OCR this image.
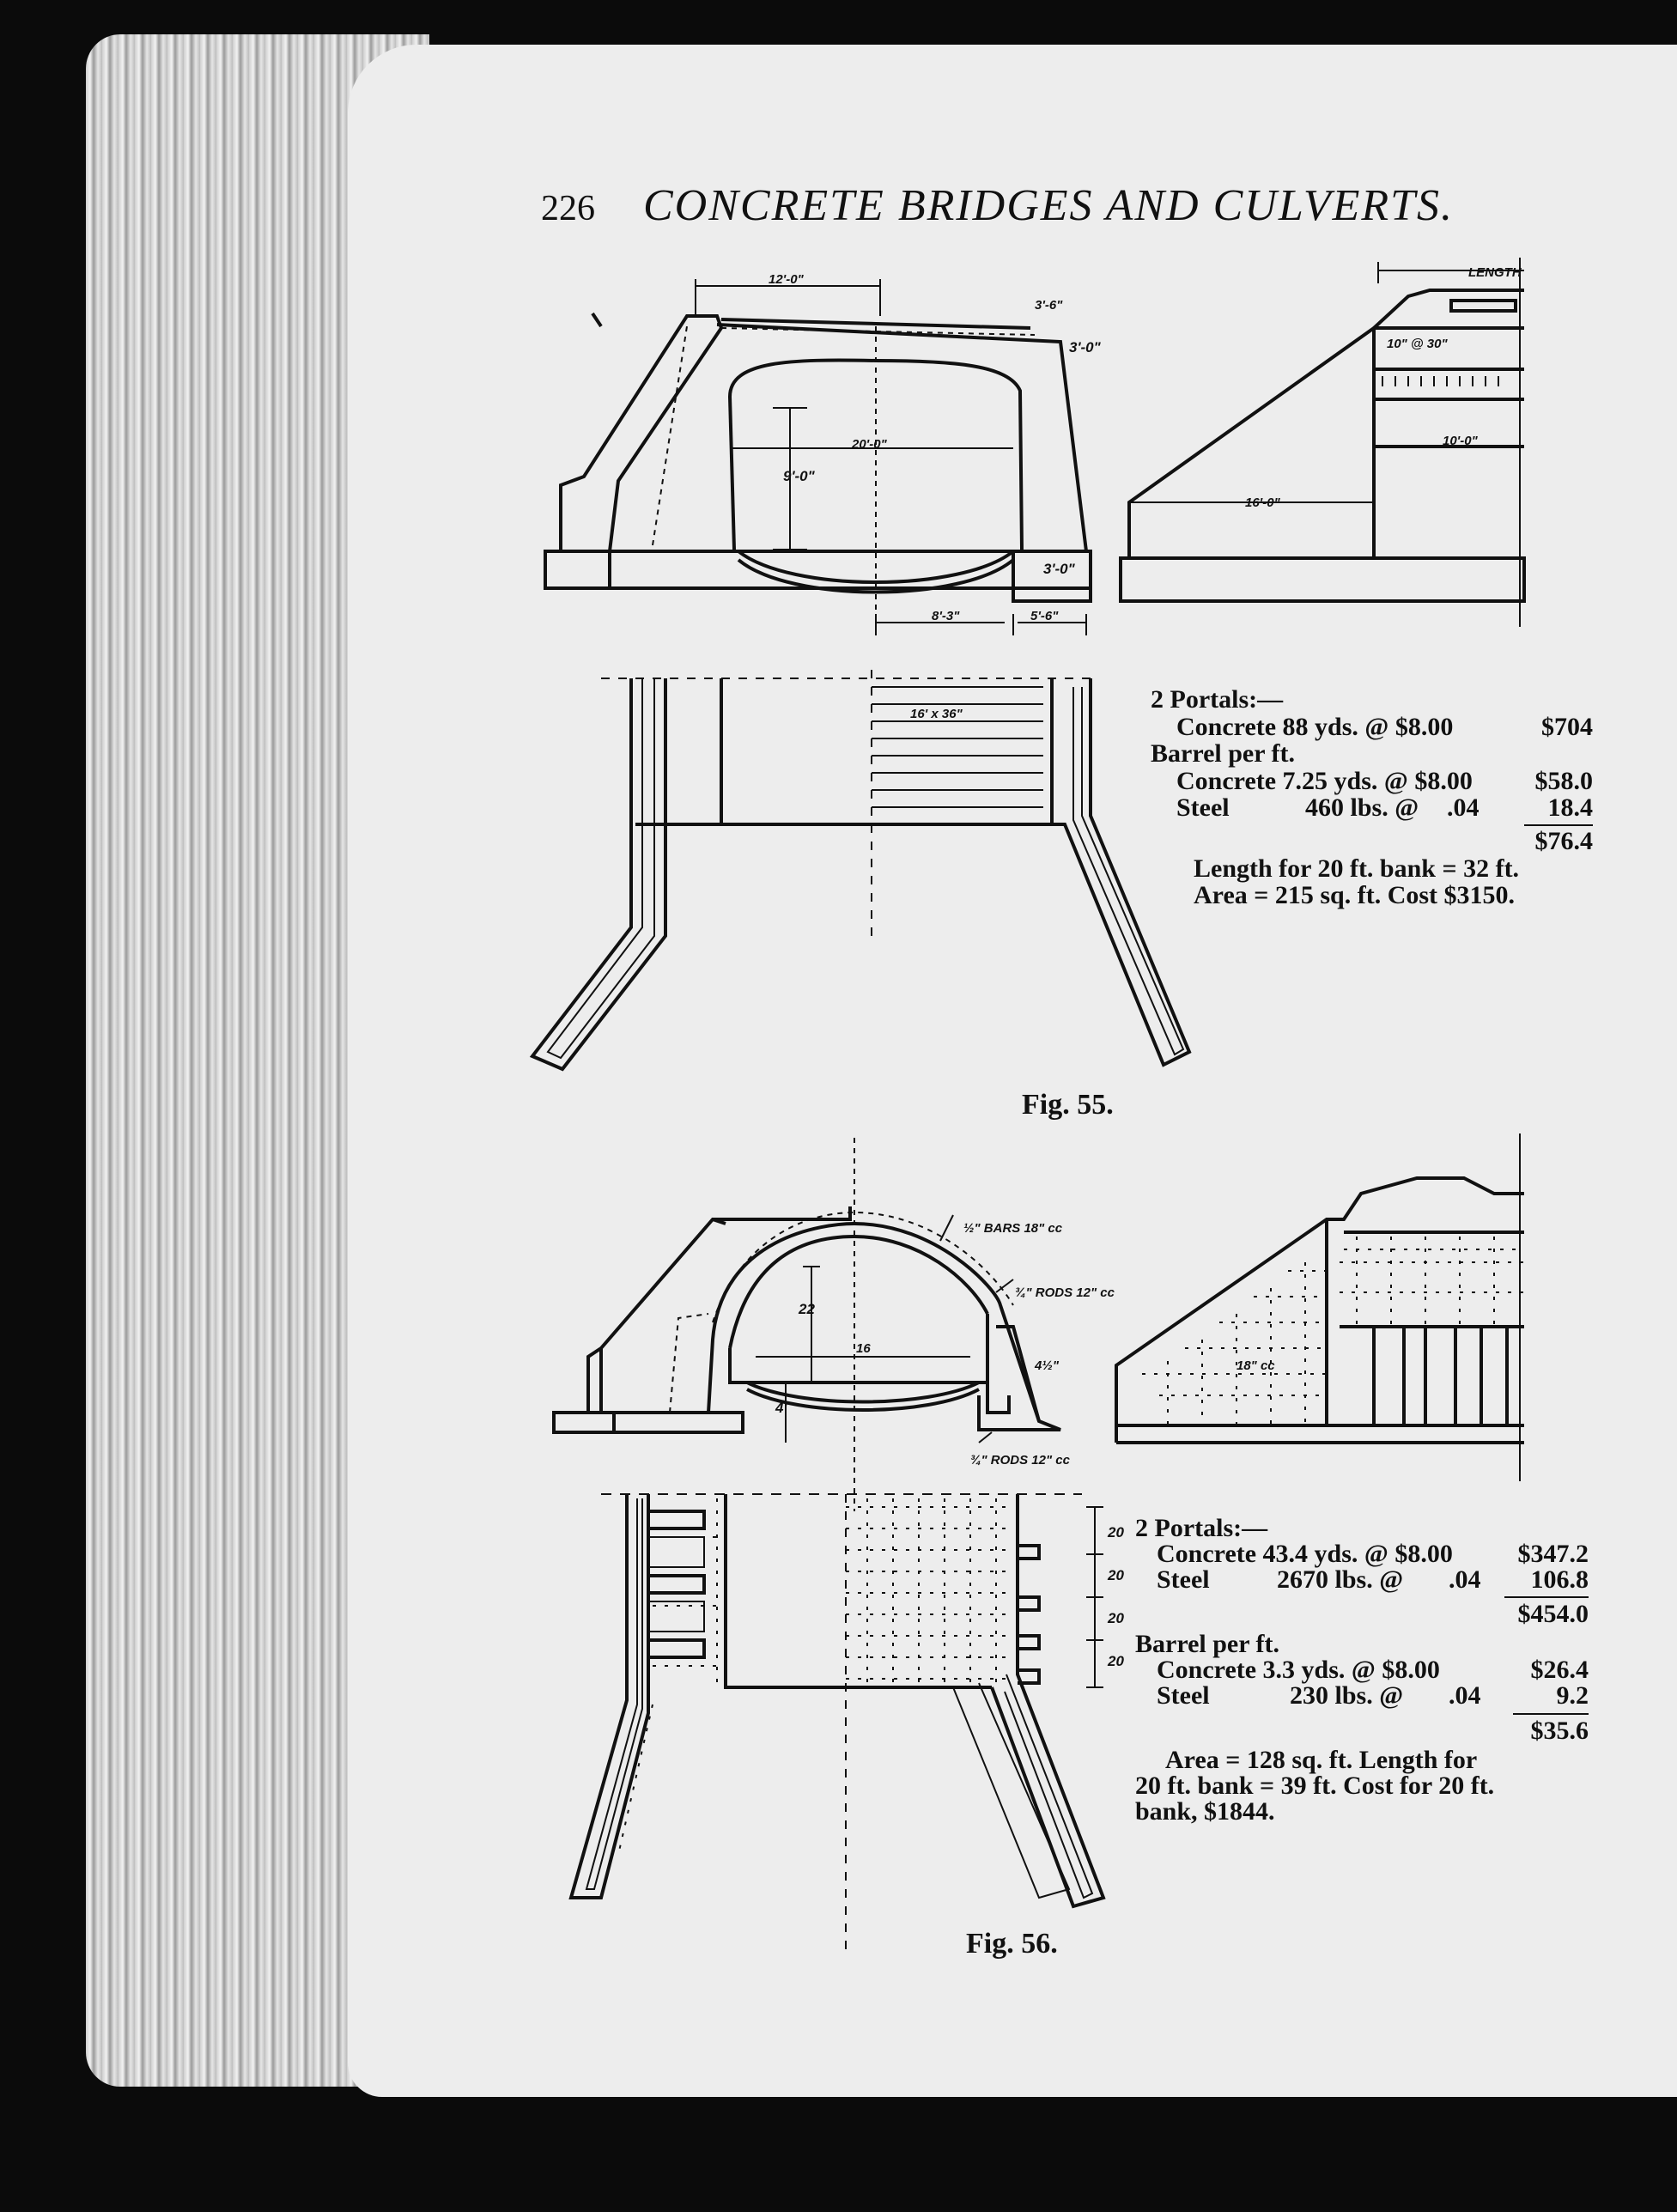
226 CONCRETE BRIDGES AND CULVERTS.
12'-0"
3'-6"
3'-0"
20'-0"
9'-0"
3'-0"
8'-3"	5'-6"
LENGTH
10" @ 30"
16'-0"
10'-0"
16' x 36"
Fig. 55.
2 Portals:—
Concrete 88 yds. @ $8.00	$704
Barrel per ft.
Concrete 7.25 yds. @ $8.00	$58.0
Steel	460 lbs. @ .04	18.4
$76.4
Length for 20 ft. bank = 32 ft.
Area = 215 sq. ft. Cost $3150.
½" BARS 18" cc
¾" RODS 12" cc
22
16
4'
4½"
¾" RODS 12" cc
18" cc
20
20
20
20
Fig. 56.
2 Portals:—
Concrete 43.4 yds. @ $8.00	$347.2
Steel	2670 lbs. @ .04	106.8
$454.0
Barrel per ft.
Concrete 3.3 yds. @ $8.00	$26.4
Steel	230 lbs. @ .04	9.2
$35.6
Area = 128 sq. ft. Length for
20 ft. bank = 39 ft. Cost for 20 ft.
bank, $1844.
